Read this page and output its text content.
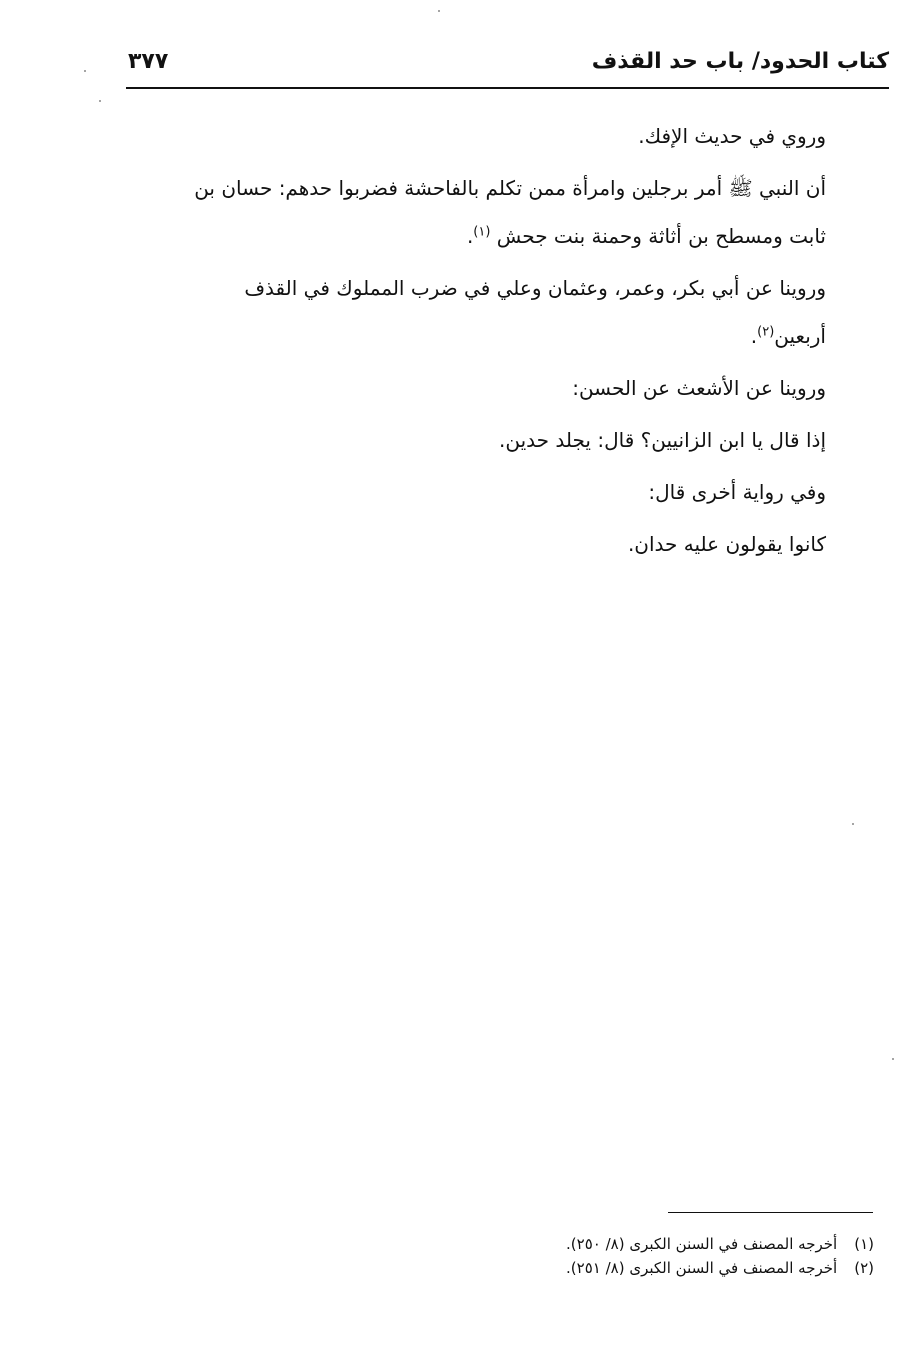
كتاب الحدود/ باب حد القذف
٣٧٧
وروي في حديث الإفك.
أن النبي ﷺ أمر برجلين وامرأة ممن تكلم بالفاحشة فضربوا حدهم: حسان بن
ثابت ومسطح بن أثاثة وحمنة بنت جحش $^{(١)}$.
وروينا عن أبي بكر، وعمر، وعثمان وعلي في ضرب المملوك في القذف
أربعين$^{(٢)}$.
وروينا عن الأشعث عن الحسن:
إذا قال يا ابن الزانيين؟ قال: يجلد حدين.
وفي رواية أخرى قال:
كانوا يقولون عليه حدان.
(١) أخرجه المصنف في السنن الكبرى (٨/ ٢٥٠).
(٢) أخرجه المصنف في السنن الكبرى (٨/ ٢٥١).
